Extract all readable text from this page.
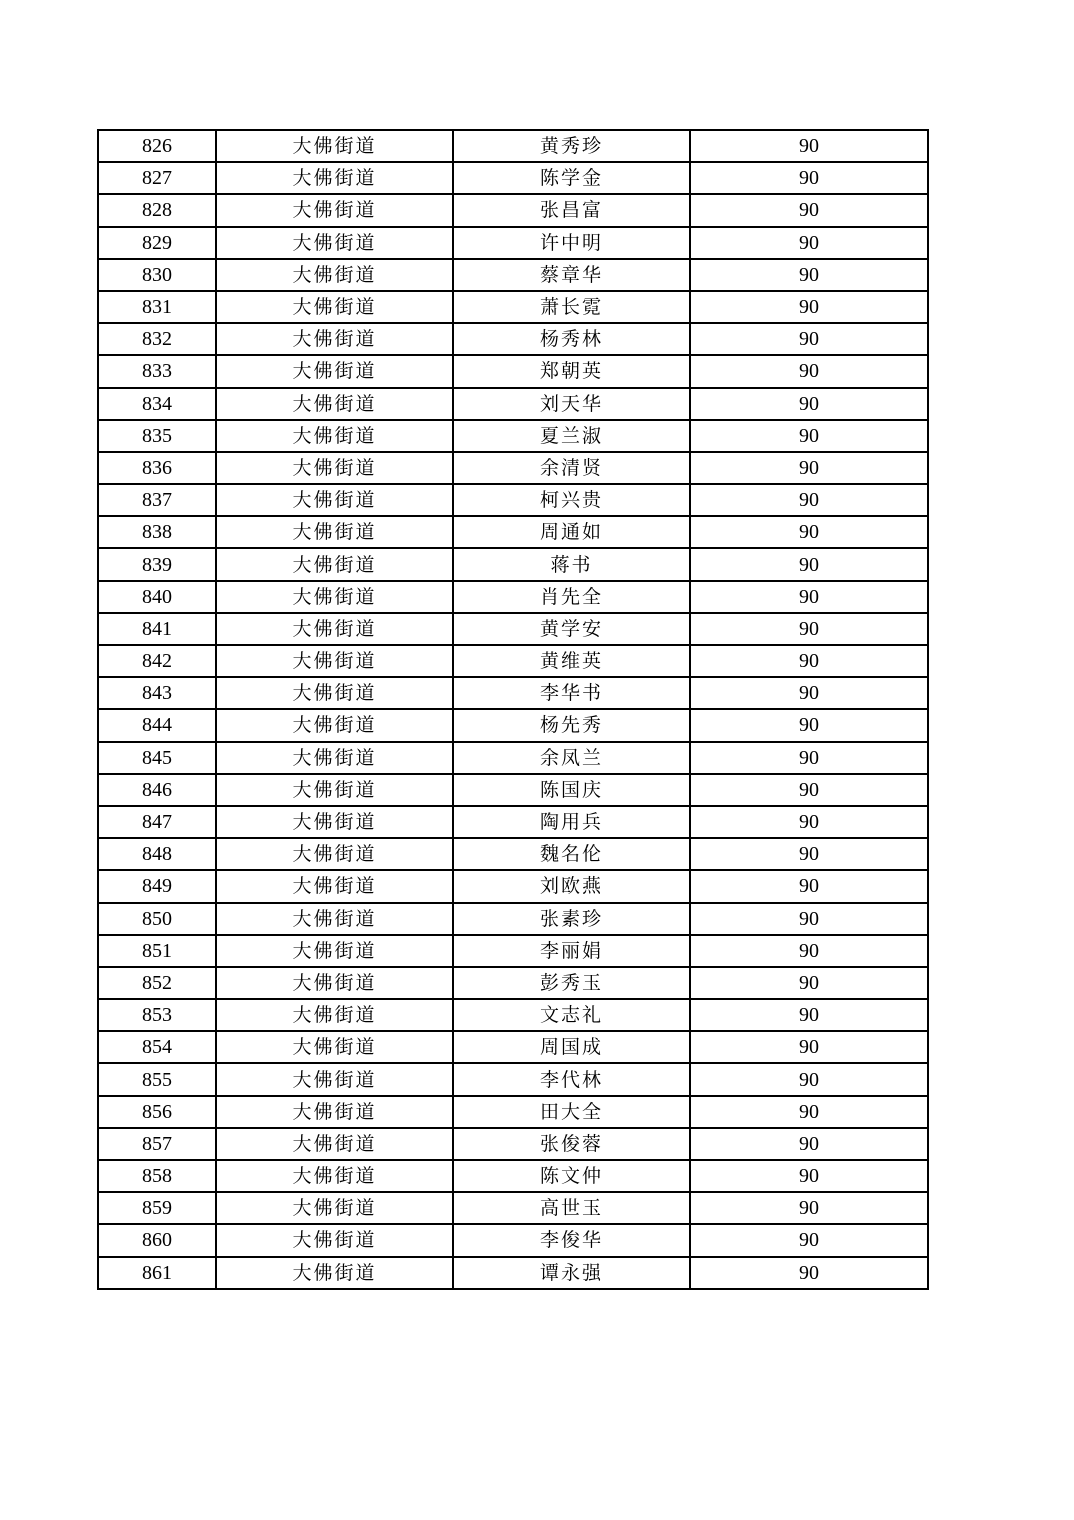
826	大佛街道	黄秀珍	90
827	大佛街道	陈学金	90
828	大佛街道	张昌富	90
829	大佛街道	许中明	90
830	大佛街道	蔡章华	90
831	大佛街道	萧长霓	90
832	大佛街道	杨秀林	90
833	大佛街道	郑朝英	90
834	大佛街道	刘天华	90
835	大佛街道	夏兰淑	90
836	大佛街道	余清贤	90
837	大佛街道	柯兴贵	90
838	大佛街道	周通如	90
839	大佛街道	蒋书	90
840	大佛街道	肖先全	90
841	大佛街道	黄学安	90
842	大佛街道	黄维英	90
843	大佛街道	李华书	90
844	大佛街道	杨先秀	90
845	大佛街道	余凤兰	90
846	大佛街道	陈国庆	90
847	大佛街道	陶用兵	90
848	大佛街道	魏名伦	90
849	大佛街道	刘欧燕	90
850	大佛街道	张素珍	90
851	大佛街道	李丽娟	90
852	大佛街道	彭秀玉	90
853	大佛街道	文志礼	90
854	大佛街道	周国成	90
855	大佛街道	李代林	90
856	大佛街道	田大全	90
857	大佛街道	张俊蓉	90
858	大佛街道	陈文仲	90
859	大佛街道	高世玉	90
860	大佛街道	李俊华	90
861	大佛街道	谭永强	90
